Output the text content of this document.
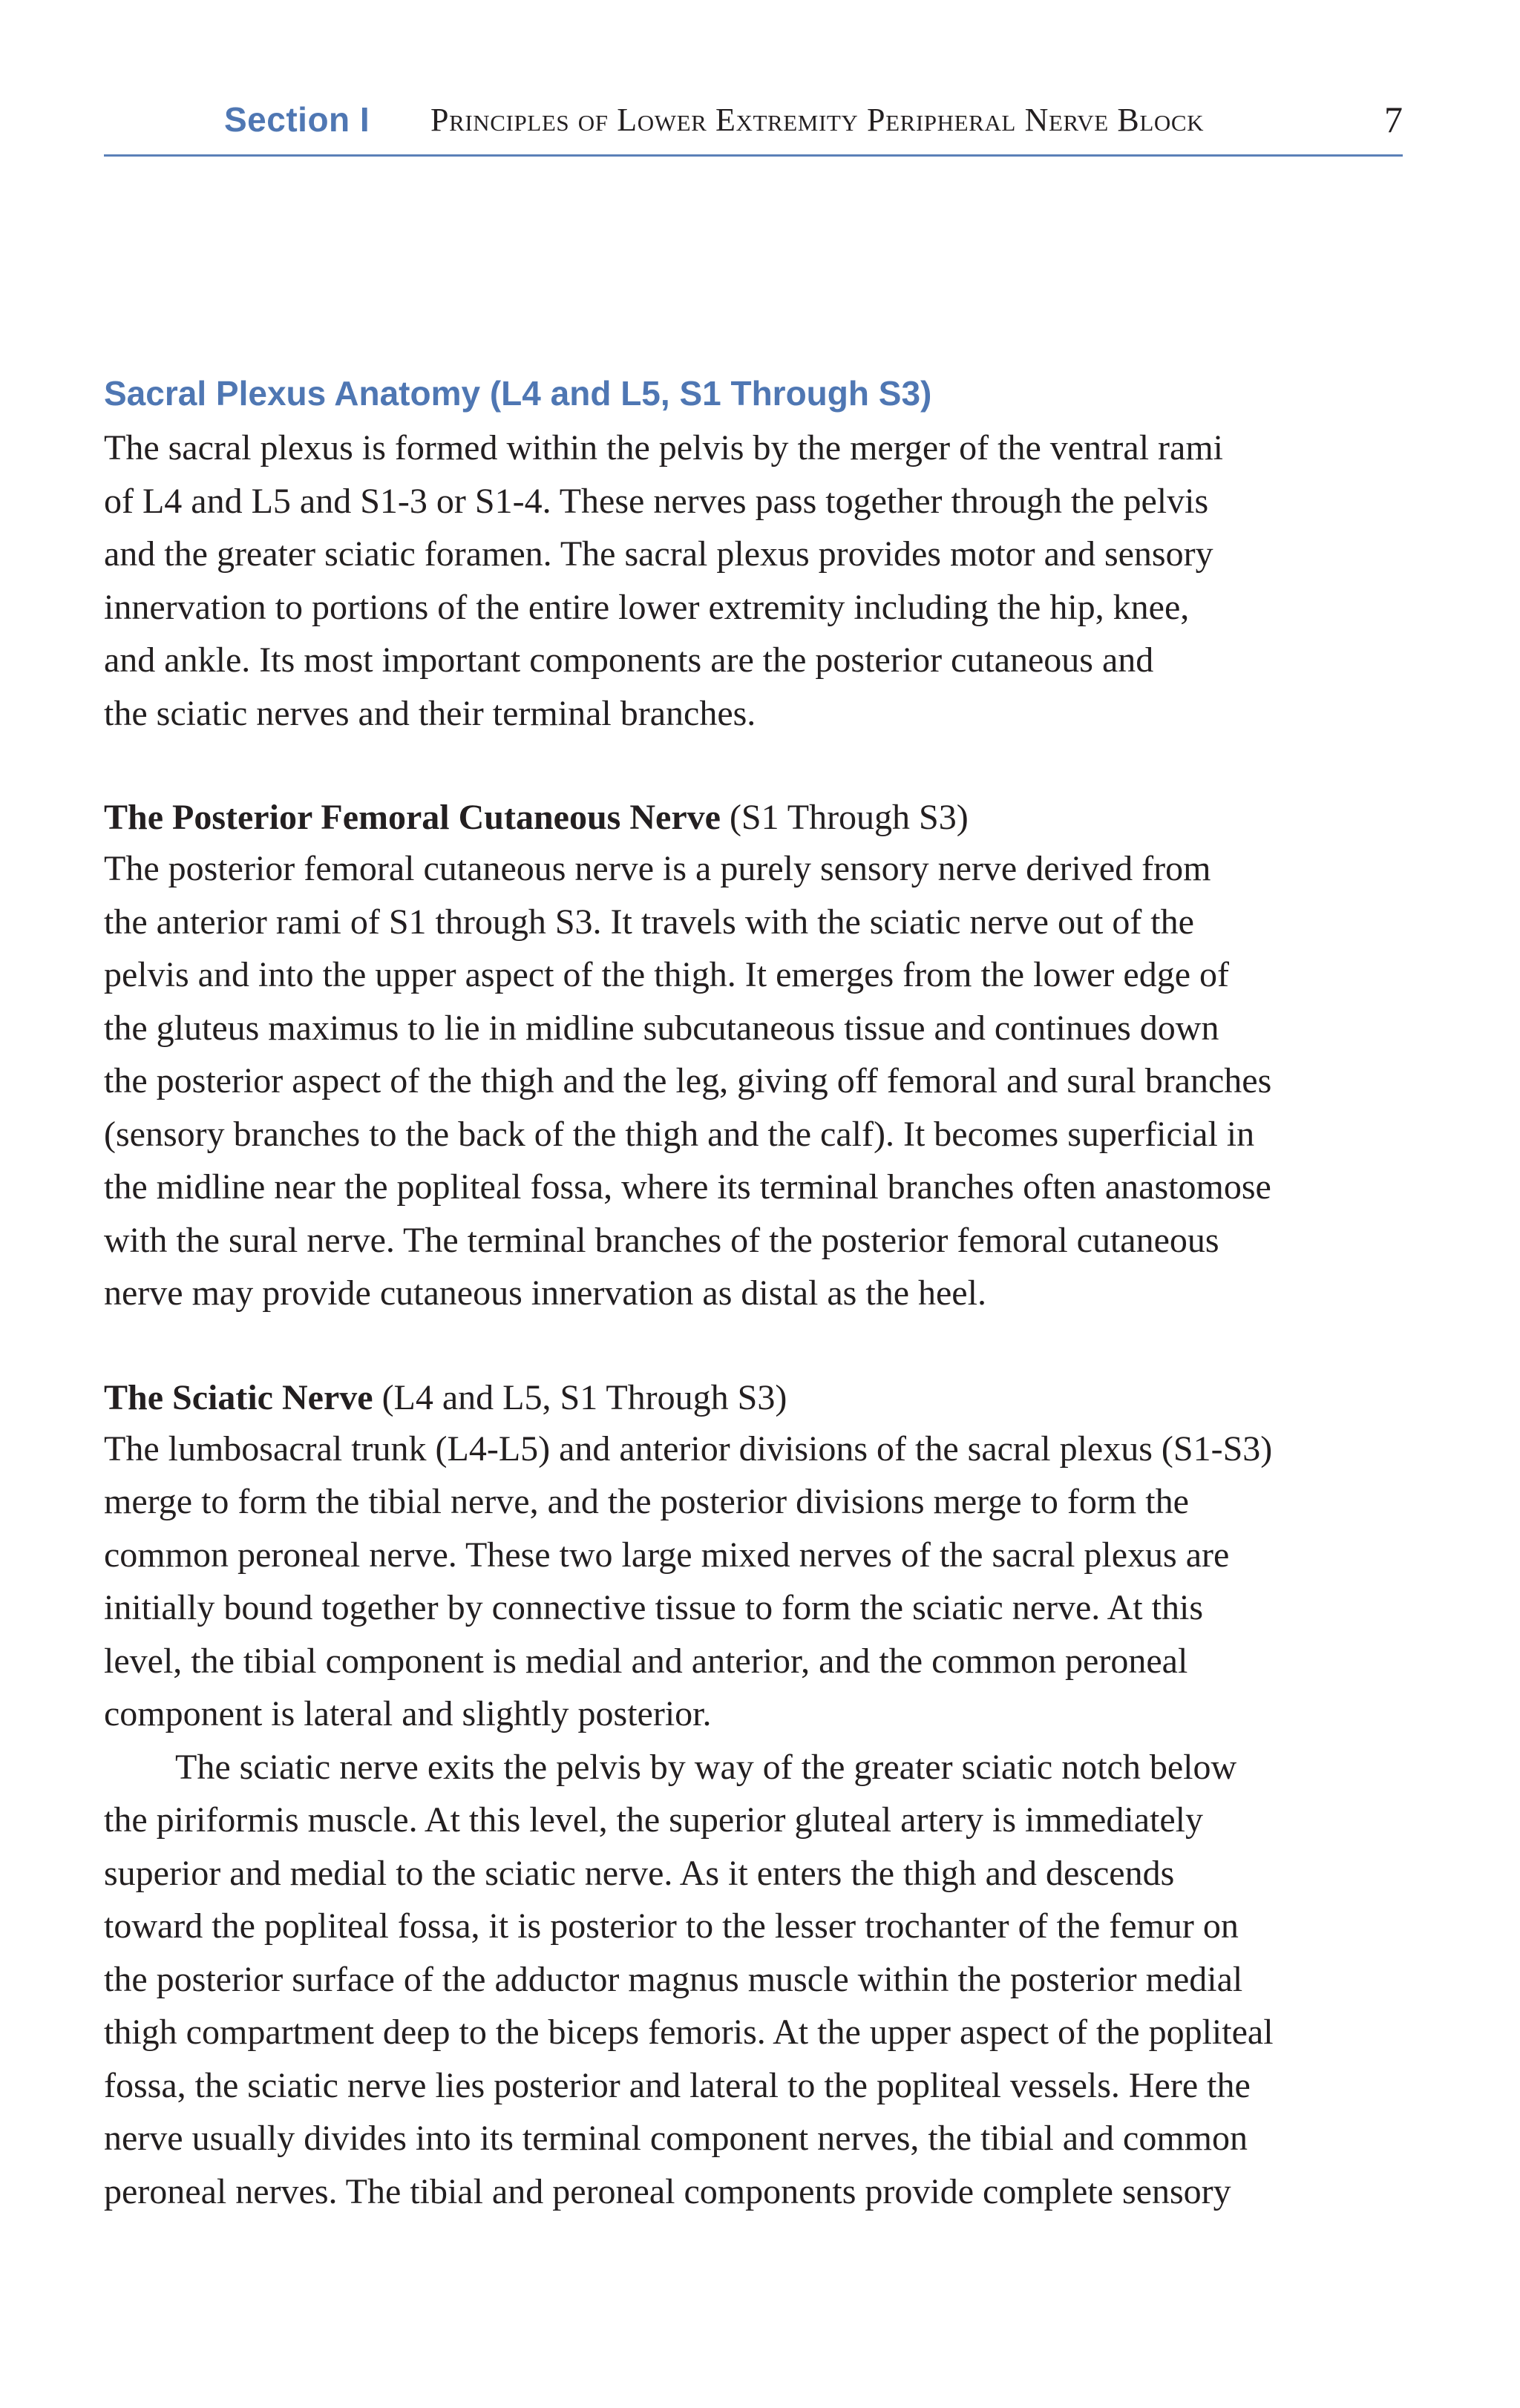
Section I Principles of Lower Extremity Peripheral Nerve Block	7
Sacral Plexus Anatomy (L4 and L5, S1 Through S3)
The sacral plexus is formed within the pelvis by the merger of the ventral rami
of L4 and L5 and S1-3 or S1-4. These nerves pass together through the pelvis
and the greater sciatic foramen. The sacral plexus provides motor and sensory
innervation to portions of the entire lower extremity including the hip, knee,
and ankle. Its most important components are the posterior cutaneous and
the sciatic nerves and their terminal branches.
The Posterior Femoral Cutaneous Nerve (S1 Through S3)
The posterior femoral cutaneous nerve is a purely sensory nerve derived from
the anterior rami of S1 through S3. It travels with the sciatic nerve out of the
pelvis and into the upper aspect of the thigh. It emerges from the lower edge of
the gluteus maximus to lie in midline subcutaneous tissue and continues down
the posterior aspect of the thigh and the leg, giving off femoral and sural branches
(sensory branches to the back of the thigh and the calf). It becomes superficial in
the midline near the popliteal fossa, where its terminal branches often anastomose
with the sural nerve. The terminal branches of the posterior femoral cutaneous
nerve may provide cutaneous innervation as distal as the heel.
The Sciatic Nerve (L4 and L5, S1 Through S3)
The lumbosacral trunk (L4-L5) and anterior divisions of the sacral plexus (S1-S3)
merge to form the tibial nerve, and the posterior divisions merge to form the
common peroneal nerve. These two large mixed nerves of the sacral plexus are
initially bound together by connective tissue to form the sciatic nerve. At this
level, the tibial component is medial and anterior, and the common peroneal
component is lateral and slightly posterior.
The sciatic nerve exits the pelvis by way of the greater sciatic notch below
the piriformis muscle. At this level, the superior gluteal artery is immediately
superior and medial to the sciatic nerve. As it enters the thigh and descends
toward the popliteal fossa, it is posterior to the lesser trochanter of the femur on
the posterior surface of the adductor magnus muscle within the posterior medial
thigh compartment deep to the biceps femoris. At the upper aspect of the popliteal
fossa, the sciatic nerve lies posterior and lateral to the popliteal vessels. Here the
nerve usually divides into its terminal component nerves, the tibial and common
peroneal nerves. The tibial and peroneal components provide complete sensory
